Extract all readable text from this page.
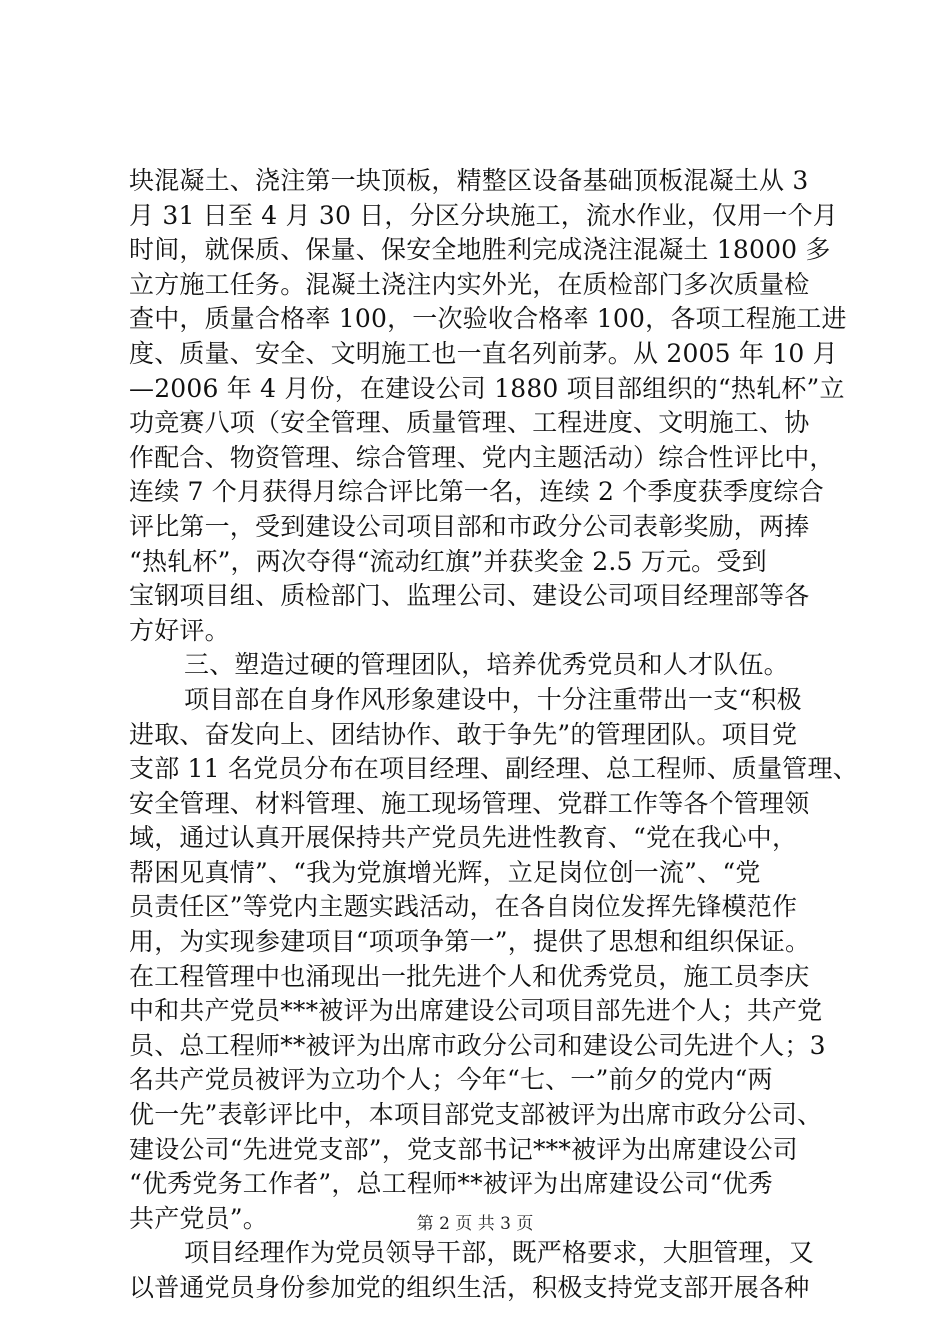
块混凝土、浇注第一块顶板，精整区设备基础顶板混凝土从 3
月 31 日至 4 月 30 日，分区分块施工，流水作业，仅用一个月
时间，就保质、保量、保安全地胜利完成浇注混凝土 18000 多
立方施工任务。混凝土浇注内实外光，在质检部门多次质量检
查中，质量合格率 100，一次验收合格率 100，各项工程施工进
度、质量、安全、文明施工也一直名列前茅。从 2005 年 10 月
—2006 年 4 月份，在建设公司 1880 项目部组织的“热轧杯”立
功竞赛八项（安全管理、质量管理、工程进度、文明施工、协
作配合、物资管理、综合管理、党内主题活动）综合性评比中，
连续 7 个月获得月综合评比第一名，连续 2 个季度获季度综合
评比第一，受到建设公司项目部和市政分公司表彰奖励，两捧
“热轧杯”，两次夺得“流动红旗”并获奖金 2.5 万元。受到
宝钢项目组、质检部门、监理公司、建设公司项目经理部等各
方好评。
三、塑造过硬的管理团队，培养优秀党员和人才队伍。
项目部在自身作风形象建设中，十分注重带出一支“积极
进取、奋发向上、团结协作、敢于争先”的管理团队。项目党
支部 11 名党员分布在项目经理、副经理、总工程师、质量管理、
安全管理、材料管理、施工现场管理、党群工作等各个管理领
域，通过认真开展保持共产党员先进性教育、“党在我心中，
帮困见真情”、“我为党旗增光辉，立足岗位创一流”、“党
员责任区”等党内主题实践活动，在各自岗位发挥先锋模范作
用，为实现参建项目“项项争第一”，提供了思想和组织保证。
在工程管理中也涌现出一批先进个人和优秀党员，施工员李庆
中和共产党员***被评为出席建设公司项目部先进个人；共产党
员、总工程师**被评为出席市政分公司和建设公司先进个人；3
名共产党员被评为立功个人；今年“七、一”前夕的党内“两
优一先”表彰评比中，本项目部党支部被评为出席市政分公司、
建设公司“先进党支部”，党支部书记***被评为出席建设公司
“优秀党务工作者”，总工程师**被评为出席建设公司“优秀
共产党员”。
项目经理作为党员领导干部，既严格要求，大胆管理，又
以普通党员身份参加党的组织生活，积极支持党支部开展各种
第 2 页 共 3 页
